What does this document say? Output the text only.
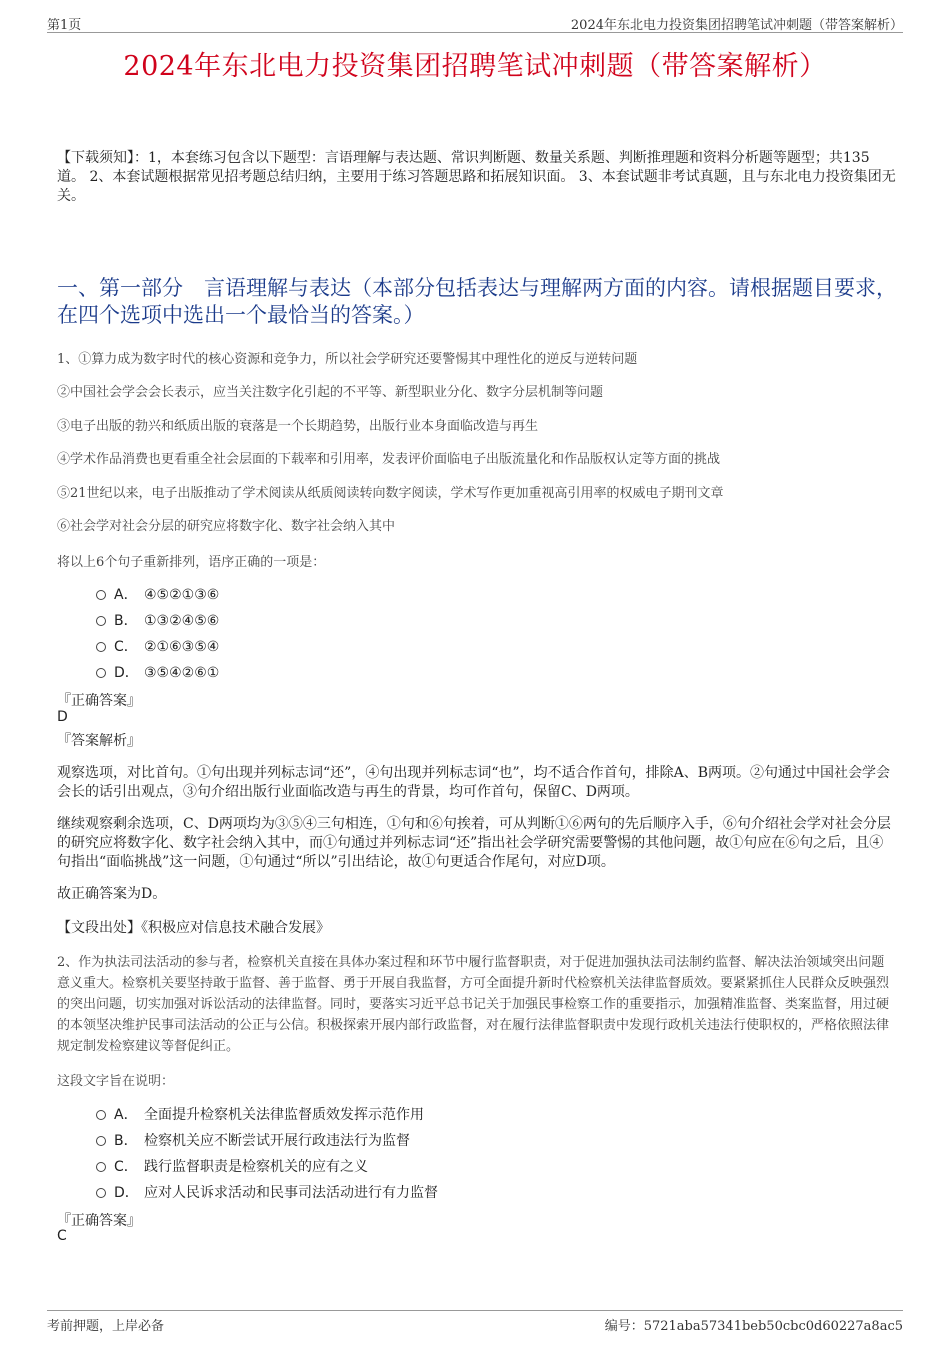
第1页	2024年东北电力投资集团招聘笔试冲刺题（带答案解析）
2024年东北电力投资集团招聘笔试冲刺题（带答案解析）
【下载须知】：1，本套练习包含以下题型：言语理解与表达题、常识判断题、数量关系题、判断推理题和资料分析题等题型；共135道。 2、本套试题根据常见招考题总结归纳，主要用于练习答题思路和拓展知识面。 3、本套试题非考试真题，且与东北电力投资集团无关。
一、第一部分　言语理解与表达（本部分包括表达与理解两方面的内容。请根据题目要求，在四个选项中选出一个最恰当的答案。）
1、①算力成为数字时代的核心资源和竞争力，所以社会学研究还要警惕其中理性化的逆反与逆转问题
②中国社会学会会长表示，应当关注数字化引起的不平等、新型职业分化、数字分层机制等问题
③电子出版的勃兴和纸质出版的衰落是一个长期趋势，出版行业本身面临改造与再生
④学术作品消费也更看重全社会层面的下载率和引用率，发表评价面临电子出版流量化和作品版权认定等方面的挑战
⑤21世纪以来，电子出版推动了学术阅读从纸质阅读转向数字阅读，学术写作更加重视高引用率的权威电子期刊文章
⑥社会学对社会分层的研究应将数字化、数字社会纳入其中
将以上6个句子重新排列，语序正确的一项是：
A． ④⑤②①③⑥
B． ①③②④⑤⑥
C． ②①⑥③⑤④
D． ③⑤④②⑥①
『正确答案』
D
『答案解析』
观察选项，对比首句。①句出现并列标志词“还”，④句出现并列标志词“也”，均不适合作首句，排除A、B两项。②句通过中国社会学会会长的话引出观点，③句介绍出版行业面临改造与再生的背景，均可作首句，保留C、D两项。
继续观察剩余选项，C、D两项均为③⑤④三句相连，①句和⑥句挨着，可从判断①⑥两句的先后顺序入手，⑥句介绍社会学对社会分层的研究应将数字化、数字社会纳入其中，而①句通过并列标志词“还”指出社会学研究需要警惕的其他问题，故①句应在⑥句之后，且④句指出“面临挑战”这一问题，①句通过“所以”引出结论，故①句更适合作尾句，对应D项。
故正确答案为D。
【文段出处】《积极应对信息技术融合发展》
2、作为执法司法活动的参与者，检察机关直接在具体办案过程和环节中履行监督职责，对于促进加强执法司法制约监督、解决法治领域突出问题意义重大。检察机关要坚持敢于监督、善于监督、勇于开展自我监督，方可全面提升新时代检察机关法律监督质效。要紧紧抓住人民群众反映强烈的突出问题，切实加强对诉讼活动的法律监督。同时，要落实习近平总书记关于加强民事检察工作的重要指示，加强精准监督、类案监督，用过硬的本领坚决维护民事司法活动的公正与公信。积极探索开展内部行政监督，对在履行法律监督职责中发现行政机关违法行使职权的，严格依照法律规定制发检察建议等督促纠正。
这段文字旨在说明：
A． 全面提升检察机关法律监督质效发挥示范作用
B． 检察机关应不断尝试开展行政违法行为监督
C． 践行监督职责是检察机关的应有之义
D． 应对人民诉求活动和民事司法活动进行有力监督
『正确答案』
C
考前押题，上岸必备	编号：5721aba57341beb50cbc0d60227a8ac5
